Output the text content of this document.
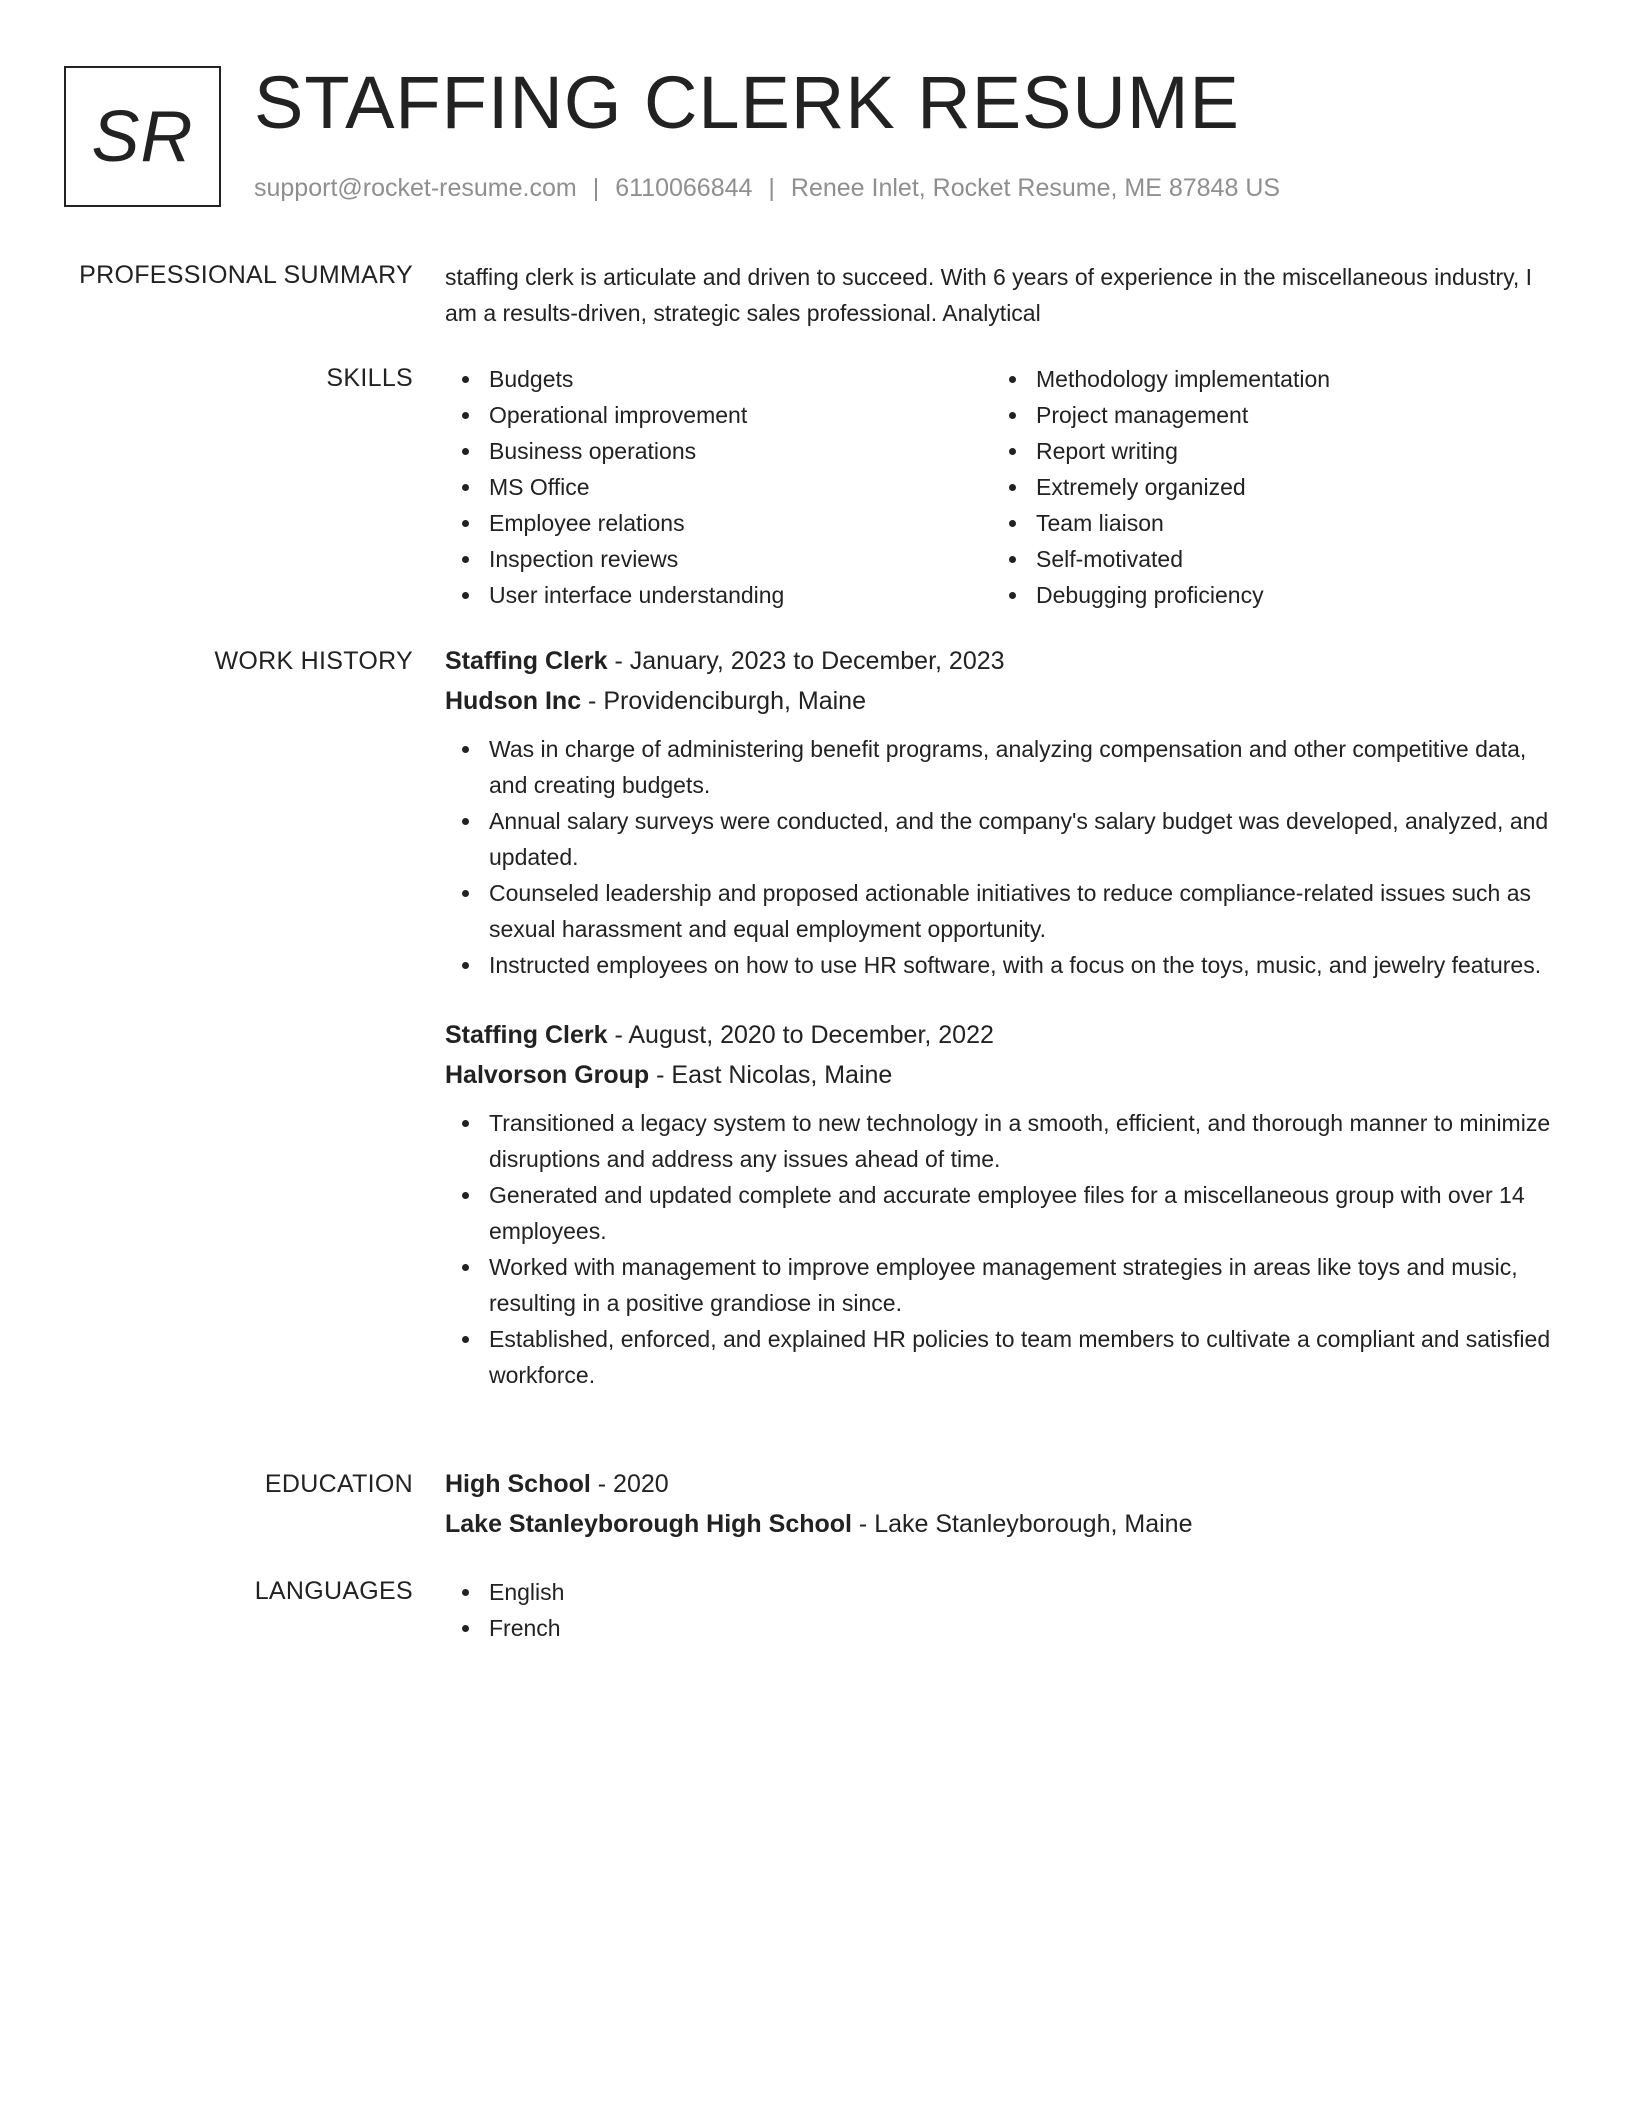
SR STAFFING CLERK RESUME
support@rocket-resume.com | 6110066844 | Renee Inlet, Rocket Resume, ME 87848 US
PROFESSIONAL SUMMARY staffing clerk is articulate and driven to succeed. With 6 years of experience in the miscellaneous industry, I am a results-driven, strategic sales professional. Analytical

SKILLS	Budgets
Operational improvement
Business operations
MS Office
Employee relations
Inspection reviews
User interface understanding
Methodology implementation
Project management
Report writing
Extremely organized
Team liaison
Self-motivated
Debugging proficiency
WORK HISTORY Staffing Clerk - January, 2023 to December, 2023
Hudson Inc - Providenciburgh, Maine
Was in charge of administering benefit programs, analyzing compensation and other competitive data, and creating budgets.
Annual salary surveys were conducted, and the company's salary budget was developed, analyzed, and updated.
Counseled leadership and proposed actionable initiatives to reduce compliance-related issues such as sexual harassment and equal employment opportunity.
Instructed employees on how to use HR software, with a focus on the toys, music, and jewelry features.
Staffing Clerk - August, 2020 to December, 2022
Halvorson Group - East Nicolas, Maine
Transitioned a legacy system to new technology in a smooth, efficient, and thorough manner to minimize disruptions and address any issues ahead of time.
Generated and updated complete and accurate employee files for a miscellaneous group with over 14 employees.
Worked with management to improve employee management strategies in areas like toys and music, resulting in a positive grandiose in since.
Established, enforced, and explained HR policies to team members to cultivate a compliant and satisfied workforce.
EDUCATION High School - 2020
Lake Stanleyborough High School - Lake Stanleyborough, Maine
LANGUAGES	English
French
